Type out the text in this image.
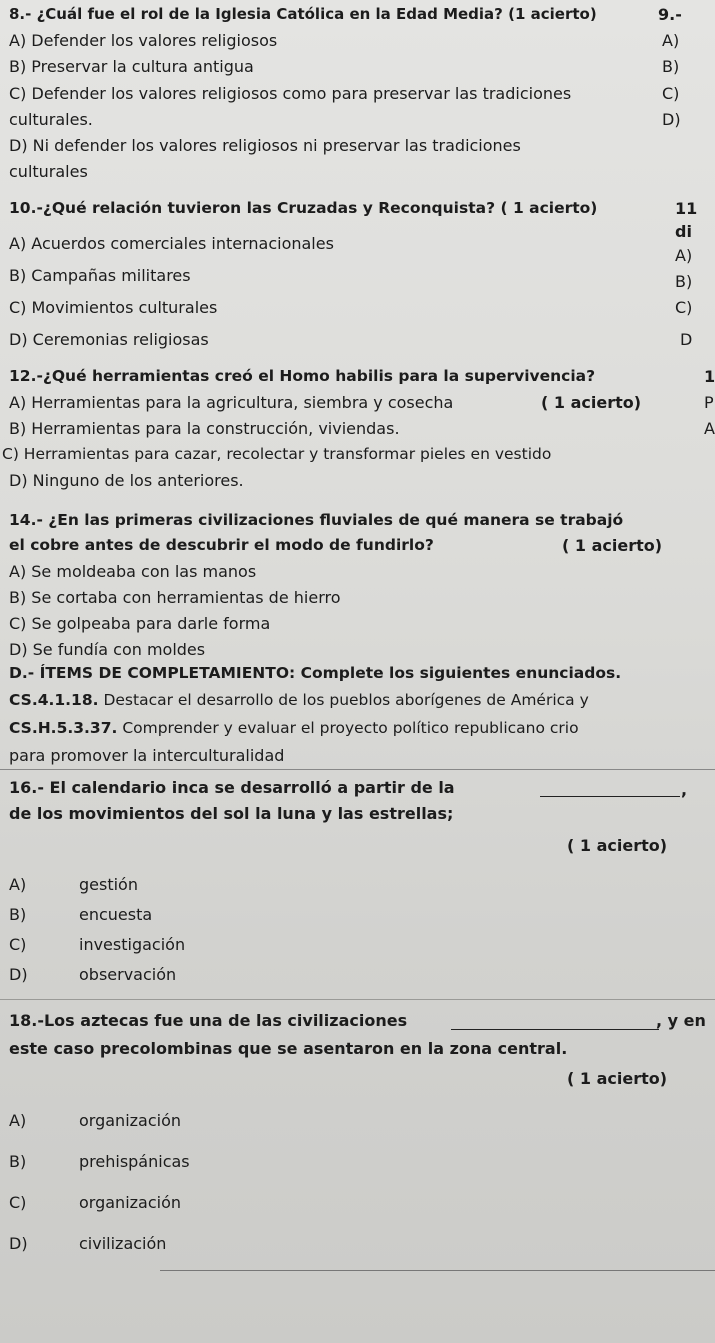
8.- ¿Cuál fue el rol de la Iglesia Católica en la Edad Media? (1 acierto)
A) Defender los valores religiosos
B) Preservar la cultura antigua
C) Defender los valores religiosos como para preservar las tradiciones
culturales.
D) Ni defender los valores religiosos ni preservar las tradiciones
culturales
9.-
A)
B)
C)
D)
10.-¿Qué relación tuvieron las Cruzadas y Reconquista? ( 1 acierto)
A) Acuerdos comerciales internacionales
B) Campañas militares
C) Movimientos culturales
D) Ceremonias religiosas
11
di
A)
B)
C)
D
12.-¿Qué herramientas creó el Homo habilis para la supervivencia?
A) Herramientas para la agricultura, siembra y cosecha	( 1 acierto)
B) Herramientas para la construcción, viviendas.
C) Herramientas para cazar, recolectar y transformar pieles en vestido
D) Ninguno de los anteriores.
1
P
A
14.- ¿En las primeras civilizaciones fluviales de qué manera se trabajó
el cobre antes de descubrir el modo de fundirlo?	( 1 acierto)
A) Se moldeaba con las manos
B) Se cortaba con herramientas de hierro
C) Se golpeaba para darle forma
D) Se fundía con moldes
D.- ÍTEMS DE COMPLETAMIENTO: Complete los siguientes enunciados.
CS.4.1.18. Destacar el desarrollo de los pueblos aborígenes de América y
CS.H.5.3.37. Comprender y evaluar el proyecto político republicano crio
para promover la interculturalidad
16.- El calendario inca se desarrolló a partir de la	,
de los movimientos del sol la luna y las estrellas;
( 1 acierto)
A)	gestión
B)	encuesta
C)	investigación
D)	observación
18.-Los aztecas fue una de las civilizaciones	, y en
este caso precolombinas que se asentaron en la zona central.
( 1 acierto)
A)	organización
B)	prehispánicas
C)	organización
D)	civilización
